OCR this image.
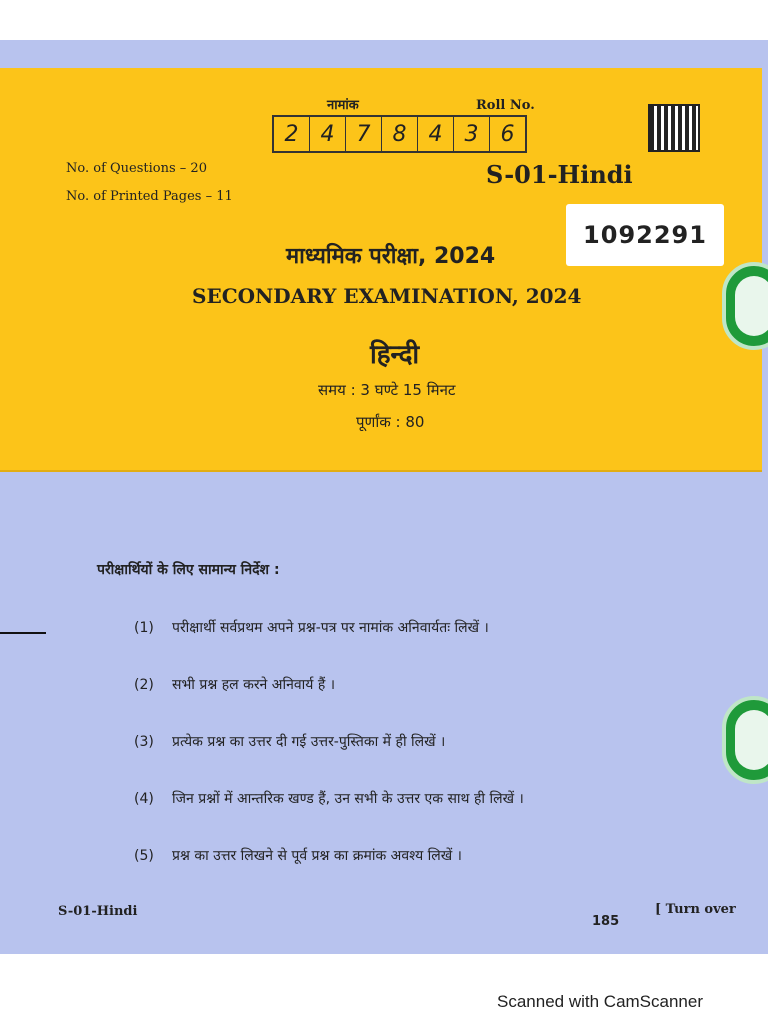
नामांक	Roll No.
2	4	7	8	4	3	6
No. of Questions – 20
No. of Printed Pages – 11
S-01-Hindi
1092291
माध्यमिक परीक्षा, 2024
SECONDARY EXAMINATION, 2024
हिन्दी
समय : 3 घण्टे 15 मिनट
पूर्णांक : 80
परीक्षार्थियों के लिए सामान्य निर्देश :
(1) परीक्षार्थी सर्वप्रथम अपने प्रश्न-पत्र पर नामांक अनिवार्यतः लिखें ।
(2) सभी प्रश्न हल करने अनिवार्य हैं ।
(3) प्रत्येक प्रश्न का उत्तर दी गई उत्तर-पुस्तिका में ही लिखें ।
(4) जिन प्रश्नों में आन्तरिक खण्ड हैं, उन सभी के उत्तर एक साथ ही लिखें ।
(5) प्रश्न का उत्तर लिखने से पूर्व प्रश्न का क्रमांक अवश्य लिखें ।
S-01-Hindi
185
[ Turn over
Scanned with CamScanner
